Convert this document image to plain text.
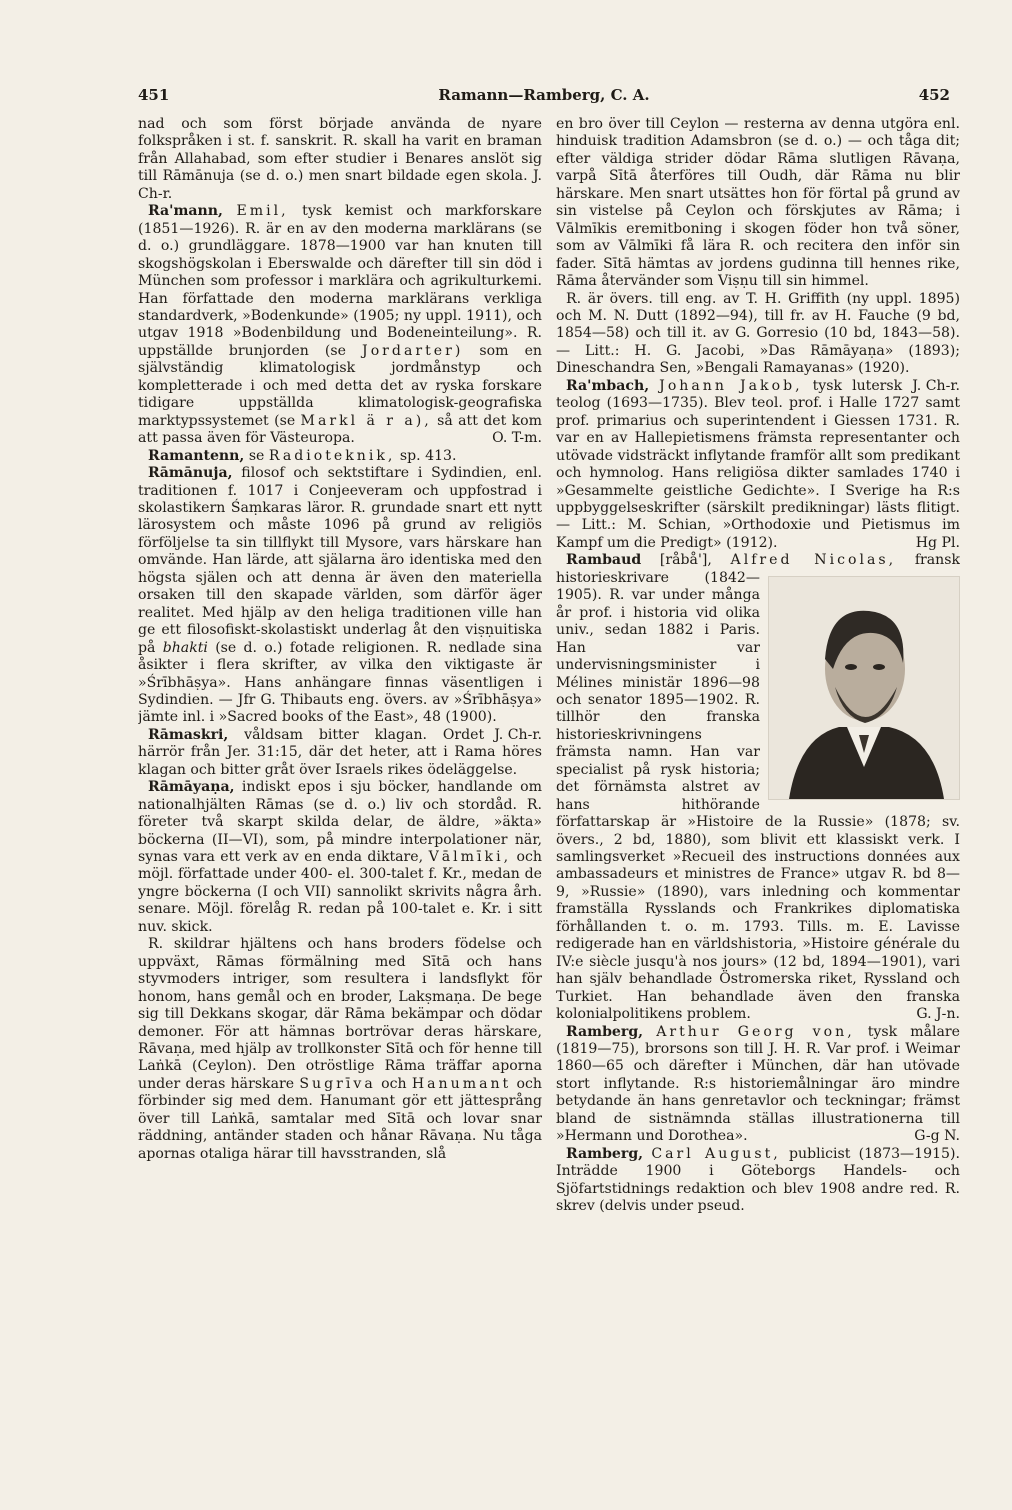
451	Ramann—Ramberg, C. A.	452

nad och som först började använda de nyare folkspråken i st. f. sanskrit. R. skall ha varit en braman från Allahabad, som efter studier i Benares anslöt sig till Rāmānuja (se d. o.) men snart bildade egen skola. J. Ch-r.

Ra'mann, Emil, tysk kemist och markforskare (1851—1926). R. är en av den moderna marklärans (se d. o.) grundläggare. 1878—1900 var han knuten till skogshögskolan i Eberswalde och därefter till sin död i München som professor i marklära och agrikulturkemi. Han författade den moderna marklärans verkliga standardverk, »Bodenkunde» (1905; ny uppl. 1911), och utgav 1918 »Bodenbildung und Bodeneinteilung». R. uppställde brunjorden (se Jordarter) som en självständig klimatologisk jordmånstyp och kompletterade i och med detta det av ryska forskare tidigare uppställda klimatologisk-geografiska marktypssystemet (se Markl ä r a), så att det kom att passa även för Västeuropa.	O. T-m.

Ramantenn, se Radioteknik, sp. 413.

Rāmānuja, filosof och sektstiftare i Sydindien, enl. traditionen f. 1017 i Conjeeveram och uppfostrad i skolastikern Śaṃkaras läror. R. grundade snart ett nytt lärosystem och måste 1096 på grund av religiös förföljelse ta sin tillflykt till Mysore, vars härskare han omvände. Han lärde, att själarna äro identiska med den högsta själen och att denna är även den materiella orsaken till den skapade världen, som därför äger realitet. Med hjälp av den heliga traditionen ville han ge ett filosofiskt-skolastiskt underlag åt den viṣṇuitiska på bhakti (se d. o.) fotade religionen. R. nedlade sina åsikter i flera skrifter, av vilka den viktigaste är »Śrībhāṣya». Hans anhängare finnas väsentligen i Sydindien. — Jfr G. Thibauts eng. övers. av »Śrībhāṣya» jämte inl. i »Sacred books of the East», 48 (1900).
J. Ch-r.

Rāmaskri, våldsam bitter klagan. Ordet härrör från Jer. 31:15, där det heter, att i Rama höres klagan och bitter gråt över Israels rikes ödeläggelse.

Rāmāyaṇa, indiskt epos i sju böcker, handlande om nationalhjälten Rāmas (se d. o.) liv och stordåd. R. företer två skarpt skilda delar, de äldre, »äkta» böckerna (II—VI), som, på mindre interpolationer när, synas vara ett verk av en enda diktare, Vālmīki, och möjl. författade under 400- el. 300-talet f. Kr., medan de yngre böckerna (I och VII) sannolikt skrivits några årh. senare. Möjl. förelåg R. redan på 100-talet e. Kr. i sitt nuv. skick.

R. skildrar hjältens och hans broders födelse och uppväxt, Rāmas förmälning med Sītā och hans styvmoders intriger, som resultera i landsflykt för honom, hans gemål och en broder, Lakṣmaṇa. De bege sig till Dekkans skogar, där Rāma bekämpar och dödar demoner. För att hämnas bortrövar deras härskare, Rāvaṇa, med hjälp av trollkonster Sītā och för henne till Laṅkā (Ceylon). Den otröstlige Rāma träffar aporna under deras härskare Sugrīva och Hanumant och förbinder sig med dem. Hanumant gör ett jättesprång över till Laṅkā, samtalar med Sītā och lovar snar räddning, antänder staden och hånar Rāvaṇa. Nu tåga apornas otaliga härar till havsstranden, slå

en bro över till Ceylon — resterna av denna utgöra enl. hinduisk tradition Adamsbron (se d. o.) — och tåga dit; efter väldiga strider dödar Rāma slutligen Rāvaṇa, varpå Sītā återföres till Oudh, där Rāma nu blir härskare. Men snart utsättes hon för förtal på grund av sin vistelse på Ceylon och förskjutes av Rāma; i Vālmīkis eremitboning i skogen föder hon två söner, som av Vālmīki få lära R. och recitera den inför sin fader. Sītā hämtas av jordens gudinna till hennes rike, Rāma återvänder som Viṣṇu till sin himmel.

R. är övers. till eng. av T. H. Griffith (ny uppl. 1895) och M. N. Dutt (1892—94), till fr. av H. Fauche (9 bd, 1854—58) och till it. av G. Gorresio (10 bd, 1843—58). — Litt.: H. G. Jacobi, »Das Rāmāyaṇa» (1893); Dineschandra Sen, »Bengali Ramayanas» (1920).
J. Ch-r.

Ra'mbach, Johann Jakob, tysk lutersk teolog (1693—1735). Blev teol. prof. i Halle 1727 samt prof. primarius och superintendent i Giessen 1731. R. var en av Hallepietismens främsta representanter och utövade vidsträckt inflytande framför allt som predikant och hymnolog. Hans religiösa dikter samlades 1740 i »Gesammelte geistliche Gedichte». I Sverige ha R:s uppbyggelseskrifter (särskilt predikningar) lästs flitigt. — Litt.: M. Schian, »Orthodoxie und Pietismus im Kampf um die Predigt» (1912).	Hg Pl.

Rambaud [råbå'], Alfred Nicolas, fransk historieskrivare (1842—1905). R. var under många år prof. i historia vid olika univ., sedan 1882 i Paris. Han var undervisningsminister i Méline​s ministär 1896—98 och senator 1895—1902. R. tillhör den franska historieskrivningens främsta namn. Han var specialist på rysk historia; det förnämsta alstret av hans hithörande författarskap är »Histoire de la Russie» (1878; sv. övers., 2 bd, 1880), som blivit ett klassiskt verk. I samlingsverket »Recueil des instructions données aux ambassadeurs et ministres de France» utgav R. bd 8—9, »Russie» (1890), vars inledning och kommentar framställa Rysslands och Frankrikes diplomatiska förhållanden t. o. m. 1793. Tills. m. E. Lavisse redigerade han en världshistoria, »Histoire générale du IV:e siècle jusqu'à nos jours» (12 bd, 1894—1901), vari han själv behandlade Östromerska riket, Ryssland och Turkiet. Han behandlade även den franska kolonialpolitikens problem.	G. J-n.

Ramberg, Arthur Georg von, tysk målare (1819—75), brorsons son till J. H. R. Var prof. i Weimar 1860—65 och därefter i München, där han utövade stort inflytande. R:s historiemålningar äro mindre betydande än hans genretavlor och teckningar; främst bland de sistnämnda ställas illustrationerna till »Hermann und Dorothea».	G-g N.

Ramberg, Carl August, publicist (1873—1915). Inträdde 1900 i Göteborgs Handels- och Sjöfartstidnings redaktion och blev 1908 andre red. R. skrev (delvis under pseud.
